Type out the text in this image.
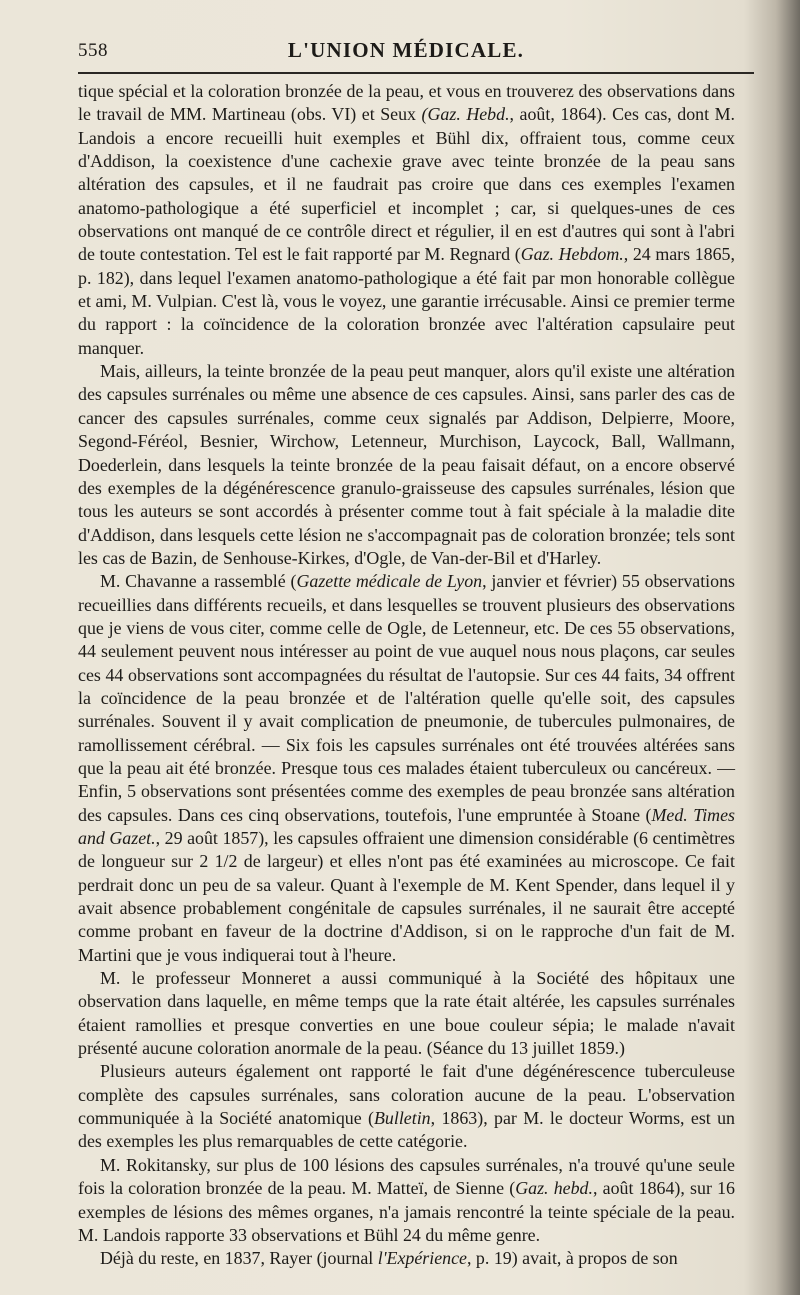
558	L'UNION MÉDICALE.

tique spécial et la coloration bronzée de la peau, et vous en trouverez des observations dans le travail de MM. Martineau (obs. VI) et Seux (Gaz. Hebd., août, 1864). Ces cas, dont M. Landois a encore recueilli huit exemples et Bühl dix, offraient tous, comme ceux d'Addison, la coexistence d'une cachexie grave avec teinte bronzée de la peau sans altération des capsules, et il ne faudrait pas croire que dans ces exemples l'examen anatomo-pathologique a été superficiel et incomplet ; car, si quelques-unes de ces observations ont manqué de ce contrôle direct et régulier, il en est d'autres qui sont à l'abri de toute contestation. Tel est le fait rapporté par M. Regnard (Gaz. Hebdom., 24 mars 1865, p. 182), dans lequel l'examen anatomo-pathologique a été fait par mon honorable collègue et ami, M. Vulpian. C'est là, vous le voyez, une garantie irrécusable. Ainsi ce premier terme du rapport : la coïncidence de la coloration bronzée avec l'altération capsulaire peut manquer.

Mais, ailleurs, la teinte bronzée de la peau peut manquer, alors qu'il existe une altération des capsules surrénales ou même une absence de ces capsules. Ainsi, sans parler des cas de cancer des capsules surrénales, comme ceux signalés par Addison, Delpierre, Moore, Segond-Féréol, Besnier, Wirchow, Letenneur, Murchison, Laycock, Ball, Wallmann, Doederlein, dans lesquels la teinte bronzée de la peau faisait défaut, on a encore observé des exemples de la dégénérescence granulo-graisseuse des capsules surrénales, lésion que tous les auteurs se sont accordés à présenter comme tout à fait spéciale à la maladie dite d'Addison, dans lesquels cette lésion ne s'accompagnait pas de coloration bronzée; tels sont les cas de Bazin, de Senhouse-Kirkes, d'Ogle, de Van-der-Bil et d'Harley.

M. Chavanne a rassemblé (Gazette médicale de Lyon, janvier et février) 55 observations recueillies dans différents recueils, et dans lesquelles se trouvent plusieurs des observations que je viens de vous citer, comme celle de Ogle, de Letenneur, etc. De ces 55 observations, 44 seulement peuvent nous intéresser au point de vue auquel nous nous plaçons, car seules ces 44 observations sont accompagnées du résultat de l'autopsie. Sur ces 44 faits, 34 offrent la coïncidence de la peau bronzée et de l'altération quelle qu'elle soit, des capsules surrénales. Souvent il y avait complication de pneumonie, de tubercules pulmonaires, de ramollissement cérébral. — Six fois les capsules surrénales ont été trouvées altérées sans que la peau ait été bronzée. Presque tous ces malades étaient tuberculeux ou cancéreux. — Enfin, 5 observations sont présentées comme des exemples de peau bronzée sans altération des capsules. Dans ces cinq observations, toutefois, l'une empruntée à Stoane (Med. Times and Gazet., 29 août 1857), les capsules offraient une dimension considérable (6 centimètres de longueur sur 2 1/2 de largeur) et elles n'ont pas été examinées au microscope. Ce fait perdrait donc un peu de sa valeur. Quant à l'exemple de M. Kent Spender, dans lequel il y avait absence probablement congénitale de capsules surrénales, il ne saurait être accepté comme probant en faveur de la doctrine d'Addison, si on le rapproche d'un fait de M. Martini que je vous indiquerai tout à l'heure.

M. le professeur Monneret a aussi communiqué à la Société des hôpitaux une observation dans laquelle, en même temps que la rate était altérée, les capsules surrénales étaient ramollies et presque converties en une boue couleur sépia; le malade n'avait présenté aucune coloration anormale de la peau. (Séance du 13 juillet 1859.)

Plusieurs auteurs également ont rapporté le fait d'une dégénérescence tuberculeuse complète des capsules surrénales, sans coloration aucune de la peau. L'observation communiquée à la Société anatomique (Bulletin, 1863), par M. le docteur Worms, est un des exemples les plus remarquables de cette catégorie.

M. Rokitansky, sur plus de 100 lésions des capsules surrénales, n'a trouvé qu'une seule fois la coloration bronzée de la peau. M. Matteï, de Sienne (Gaz. hebd., août 1864), sur 16 exemples de lésions des mêmes organes, n'a jamais rencontré la teinte spéciale de la peau. M. Landois rapporte 33 observations et Bühl 24 du même genre.

Déjà du reste, en 1837, Rayer (journal l'Expérience, p. 19) avait, à propos de son
